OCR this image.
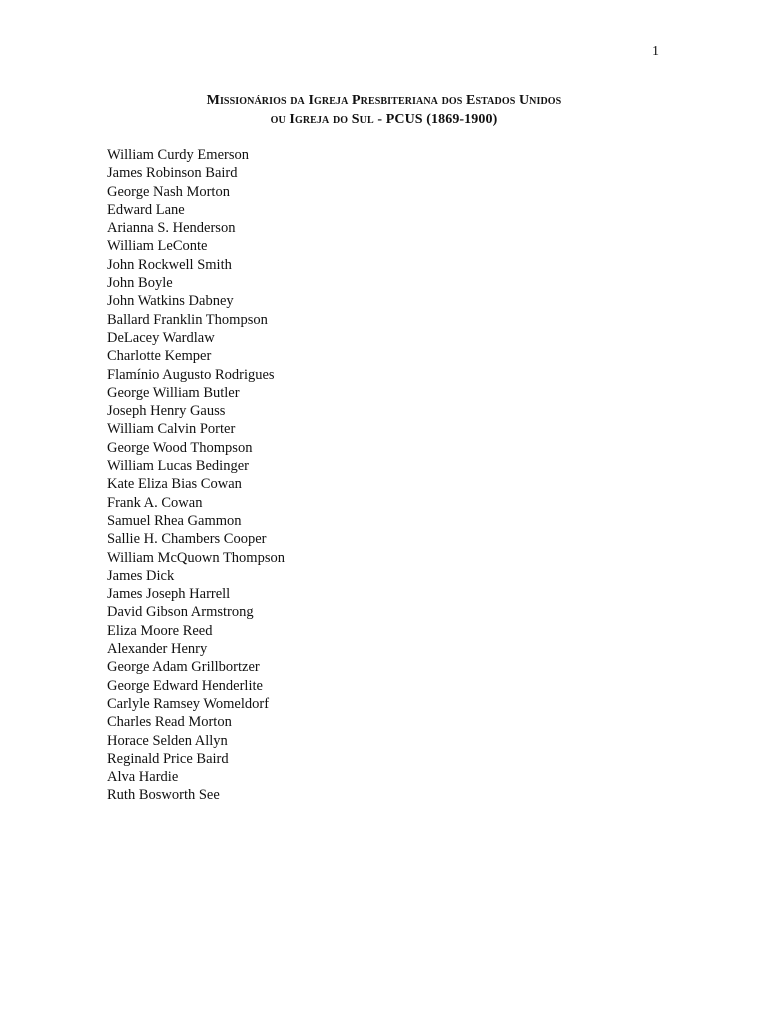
1
Missionários da Igreja Presbiteriana dos Estados Unidos
ou Igreja do Sul - PCUS (1869-1900)
William Curdy Emerson
James Robinson Baird
George Nash Morton
Edward Lane
Arianna S. Henderson
William LeConte
John Rockwell Smith
John Boyle
John Watkins Dabney
Ballard Franklin Thompson
DeLacey Wardlaw
Charlotte Kemper
Flamínio Augusto Rodrigues
George William Butler
Joseph Henry Gauss
William Calvin Porter
George Wood Thompson
William Lucas Bedinger
Kate Eliza Bias Cowan
Frank A. Cowan
Samuel Rhea Gammon
Sallie H. Chambers Cooper
William McQuown Thompson
James Dick
James Joseph Harrell
David Gibson Armstrong
Eliza Moore Reed
Alexander Henry
George Adam Grillbortzer
George Edward Henderlite
Carlyle Ramsey Womeldorf
Charles Read Morton
Horace Selden Allyn
Reginald Price Baird
Alva Hardie
Ruth Bosworth See
